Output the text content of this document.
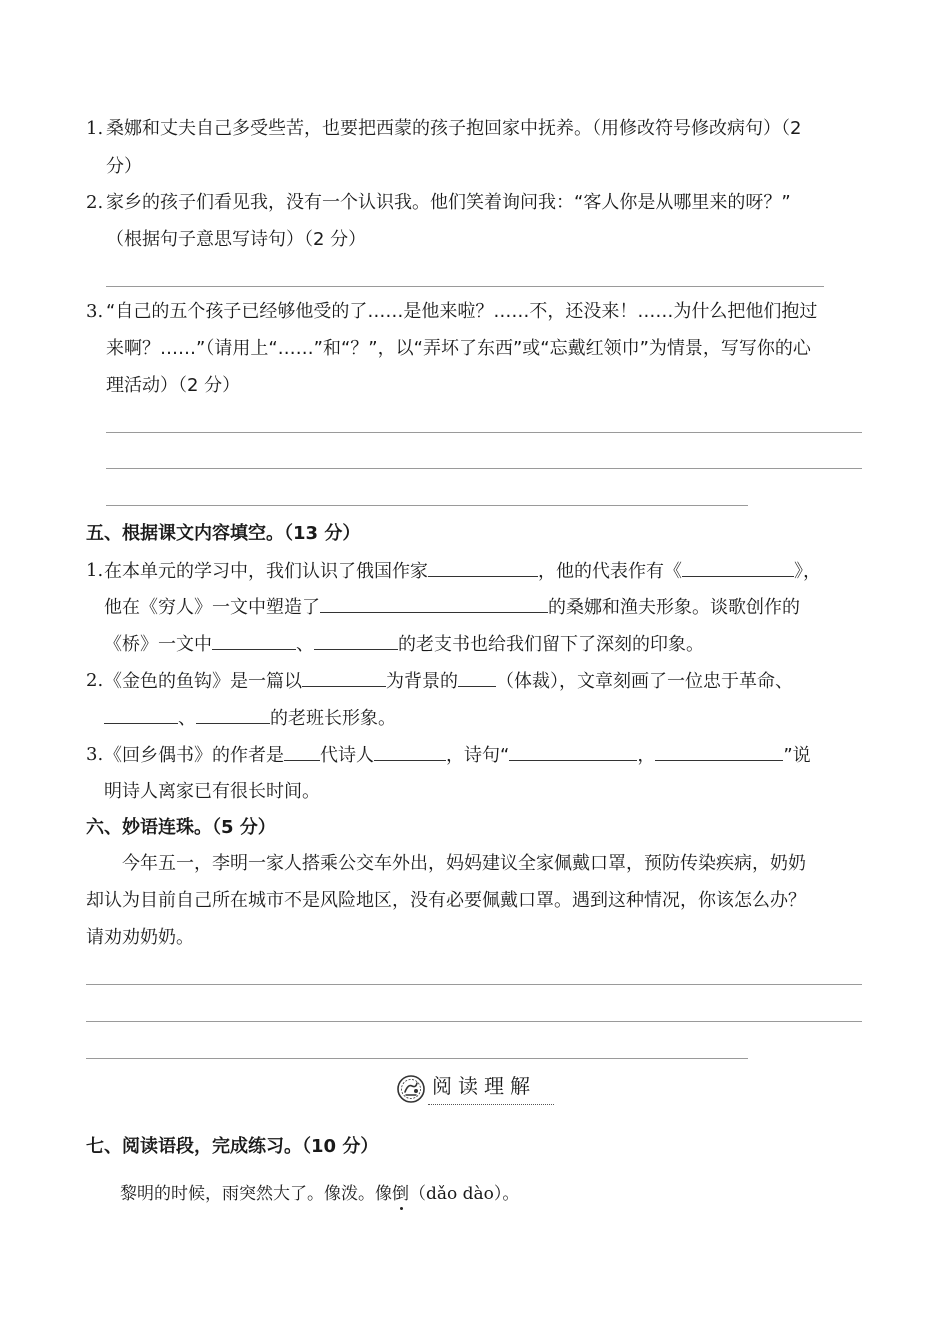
1. 桑娜和丈夫自己多受些苦，也要把西蒙的孩子抱回家中抚养。（用修改符号修改病句）（2
分）
2. 家乡的孩子们看见我，没有一个认识我。他们笑着询问我：“客人你是从哪里来的呀？”
（根据句子意思写诗句）（2 分）
3. “自己的五个孩子已经够他受的了……是他来啦？……不，还没来！……为什么把他们抱过
来啊？……”（请用上“……”和“？”，以“弄坏了东西”或“忘戴红领巾”为情景，写写你的心
理活动）（2 分）
五、根据课文内容填空。（13 分）
1. 在本单元的学习中，我们认识了俄国作家	，他的代表作有《	》，
他在《穷人》一文中塑造了	的桑娜和渔夫形象。谈歌创作的
《桥》一文中	、	的老支书也给我们留下了深刻的印象。
2. 《金色的鱼钩》是一篇以	为背景的 （体裁），文章刻画了一位忠于革命、
、	的老班长形象。
3. 《回乡偶书》的作者是 代诗人	，诗句“	，	”说
明诗人离家已有很长时间。
六、妙语连珠。（5 分）
今年五一，李明一家人搭乘公交车外出，妈妈建议全家佩戴口罩，预防传染疾病，奶奶
却认为目前自己所在城市不是风险地区，没有必要佩戴口罩。遇到这种情况，你该怎么办？
请劝劝奶奶。
阅读理解
七、阅读语段，完成练习。（10 分）
黎明的时候，雨突然大了。像泼。像倒（dǎo dào）。
